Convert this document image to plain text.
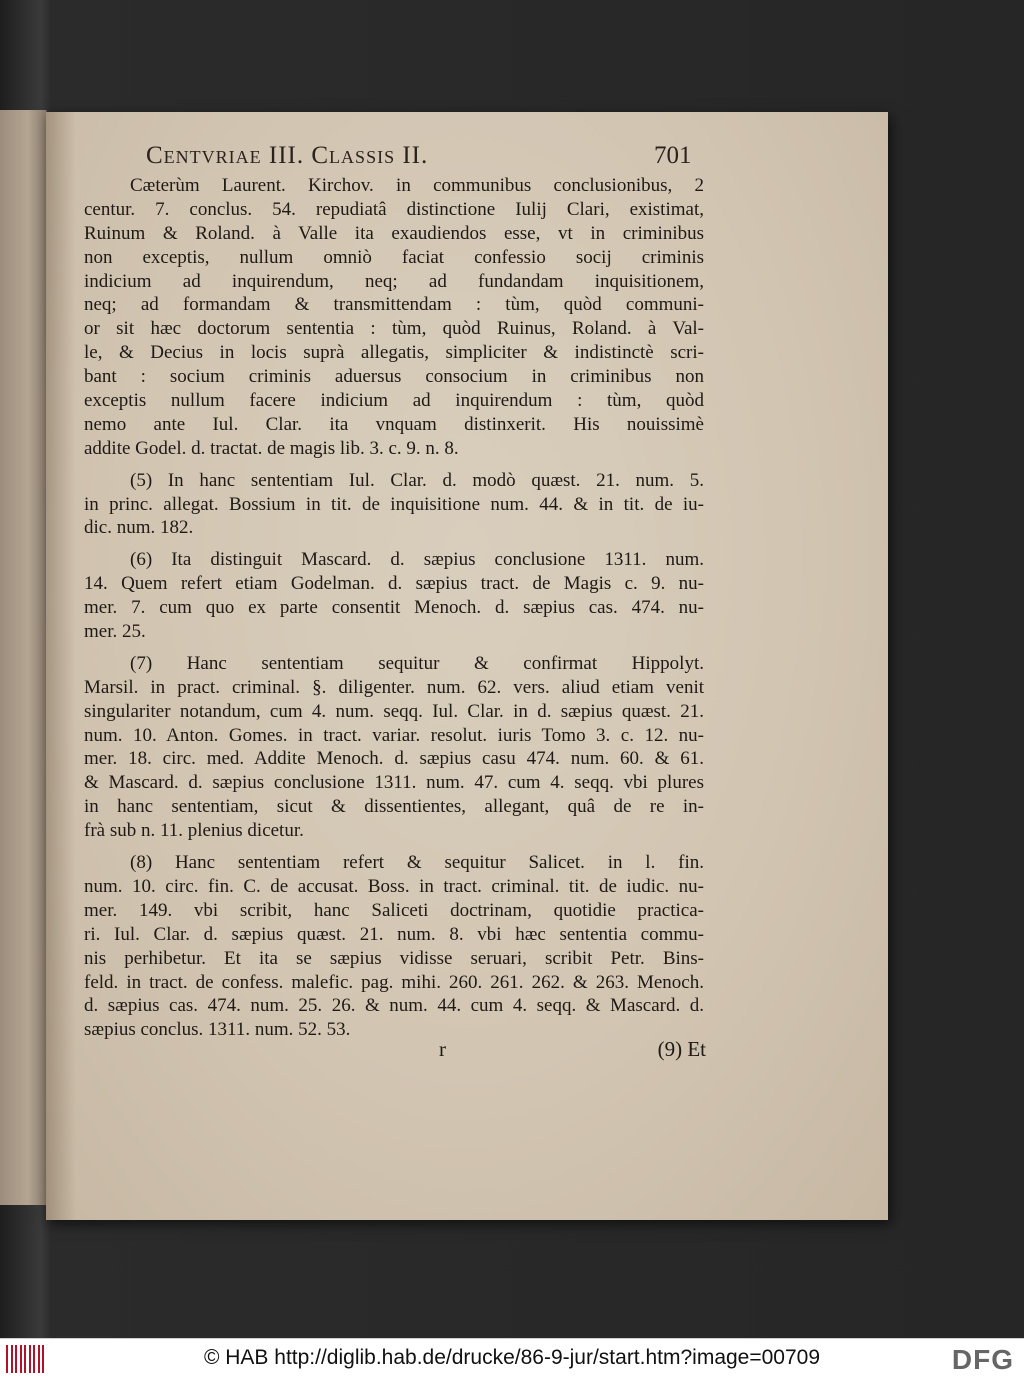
Centvriae III. Classis II.	701
Cæterùm Laurent. Kirchov. in communibus conclusionibus, 2
centur. 7. conclus. 54. repudiatâ distinctione Iulij Clari, existimat,
Ruinum & Roland. à Valle ita exaudiendos esse, vt in criminibus
non exceptis, nullum omniò faciat confessio socij criminis
indicium ad inquirendum, neq; ad fundandam inquisitionem,
neq; ad formandam & transmittendam : tùm, quòd communi-
or sit hæc doctorum sententia : tùm, quòd Ruinus, Roland. à Val-
le, & Decius in locis suprà allegatis, simpliciter & indistinctè scri-
bant : socium criminis aduersus consocium in criminibus non
exceptis nullum facere indicium ad inquirendum : tùm, quòd
nemo ante Iul. Clar. ita vnquam distinxerit. His nouissimè
addite Godel. d. tractat. de magis lib. 3. c. 9. n. 8.
(5) In hanc sententiam Iul. Clar. d. modò quæst. 21. num. 5.
in princ. allegat. Bossium in tit. de inquisitione num. 44. & in tit. de iu-
dic. num. 182.
(6) Ita distinguit Mascard. d. sæpius conclusione 1311. num.
14. Quem refert etiam Godelman. d. sæpius tract. de Magis c. 9. nu-
mer. 7. cum quo ex parte consentit Menoch. d. sæpius cas. 474. nu-
mer. 25.
(7) Hanc sententiam sequitur & confirmat Hippolyt.
Marsil. in pract. criminal. §. diligenter. num. 62. vers. aliud etiam venit
singulariter notandum, cum 4. num. seqq. Iul. Clar. in d. sæpius quæst. 21.
num. 10. Anton. Gomes. in tract. variar. resolut. iuris Tomo 3. c. 12. nu-
mer. 18. circ. med. Addite Menoch. d. sæpius casu 474. num. 60. & 61.
& Mascard. d. sæpius conclusione 1311. num. 47. cum 4. seqq. vbi plures
in hanc sententiam, sicut & dissentientes, allegant, quâ de re in-
frà sub n. 11. plenius dicetur.
(8) Hanc sententiam refert & sequitur Salicet. in l. fin.
num. 10. circ. fin. C. de accusat. Boss. in tract. criminal. tit. de iudic. nu-
mer. 149. vbi scribit, hanc Saliceti doctrinam, quotidie practica-
ri. Iul. Clar. d. sæpius quæst. 21. num. 8. vbi hæc sententia commu-
nis perhibetur. Et ita se sæpius vidisse seruari, scribit Petr. Bins-
feld. in tract. de confess. malefic. pag. mihi. 260. 261. 262. & 263. Menoch.
d. sæpius cas. 474. num. 25. 26. & num. 44. cum 4. seqq. & Mascard. d.
sæpius conclus. 1311. num. 52. 53.
r	(9) Et
© HAB http://diglib.hab.de/drucke/86-9-jur/start.htm?image=00709	DFG
